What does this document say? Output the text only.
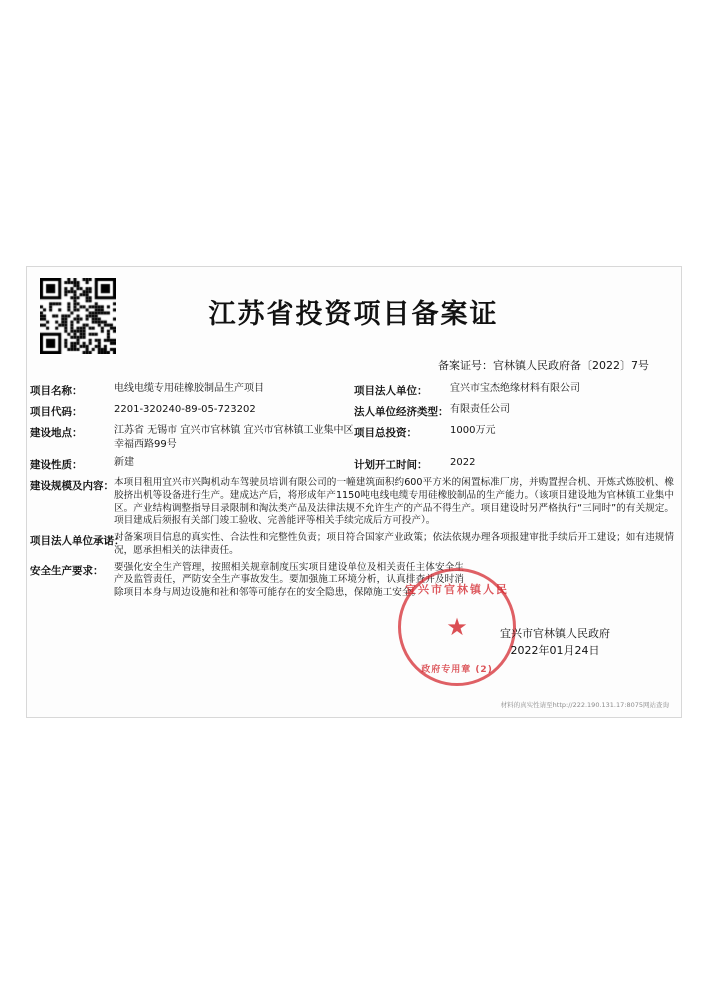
江苏省投资项目备案证
备案证号：官林镇人民政府备〔2022〕7号
项目名称：	电线电缆专用硅橡胶制品生产项目	项目法人单位：	宜兴市宝杰绝缘材料有限公司
项目代码：	2201-320240-89-05-723202	法人单位经济类型： 有限责任公司
建设地点：	江苏省 无锡市 宜兴市官林镇 宜兴市官林镇工业集中区幸福西路99号
项目总投资：	1000万元
建设性质：	新建	计划开工时间：	2022
建设规模及内容： 本项目租用宜兴市兴陶机动车驾驶员培训有限公司的一幢建筑面积约600平方米的闲置标准厂房，并购置捏合机、开炼式炼胶机、橡胶挤出机等设备进行生产。建成达产后，将形成年产1150吨电线电缆专用硅橡胶制品的生产能力。（该项目建设地为官林镇工业集中区。产业结构调整指导目录限制和淘汰类产品及法律法规不允许生产的产品不得生产。项目建设时另严格执行“三同时”的有关规定。项目建成后须报有关部门竣工验收、完善能评等相关手续完成后方可投产）。
项目法人单位承诺：
对备案项目信息的真实性、合法性和完整性负责；项目符合国家产业政策；依法依规办理各项报建审批手续后开工建设；如有违规情况，愿承担相关的法律责任。
安全生产要求：	要强化安全生产管理，按照相关规章制度压实项目建设单位及相关责任主体安全生产及监管责任，严防安全生产事故发生。要加强施工环境分析，认真排查并及时消除项目本身与周边设施和社和邻等可能存在的安全隐患，保障施工安全。
宜兴市官林镇人民
★
政府专用章 (2)
宜兴市官林镇人民政府
2022年01月24日
材料的真实性请至http://222.190.131.17:8075网站查询
